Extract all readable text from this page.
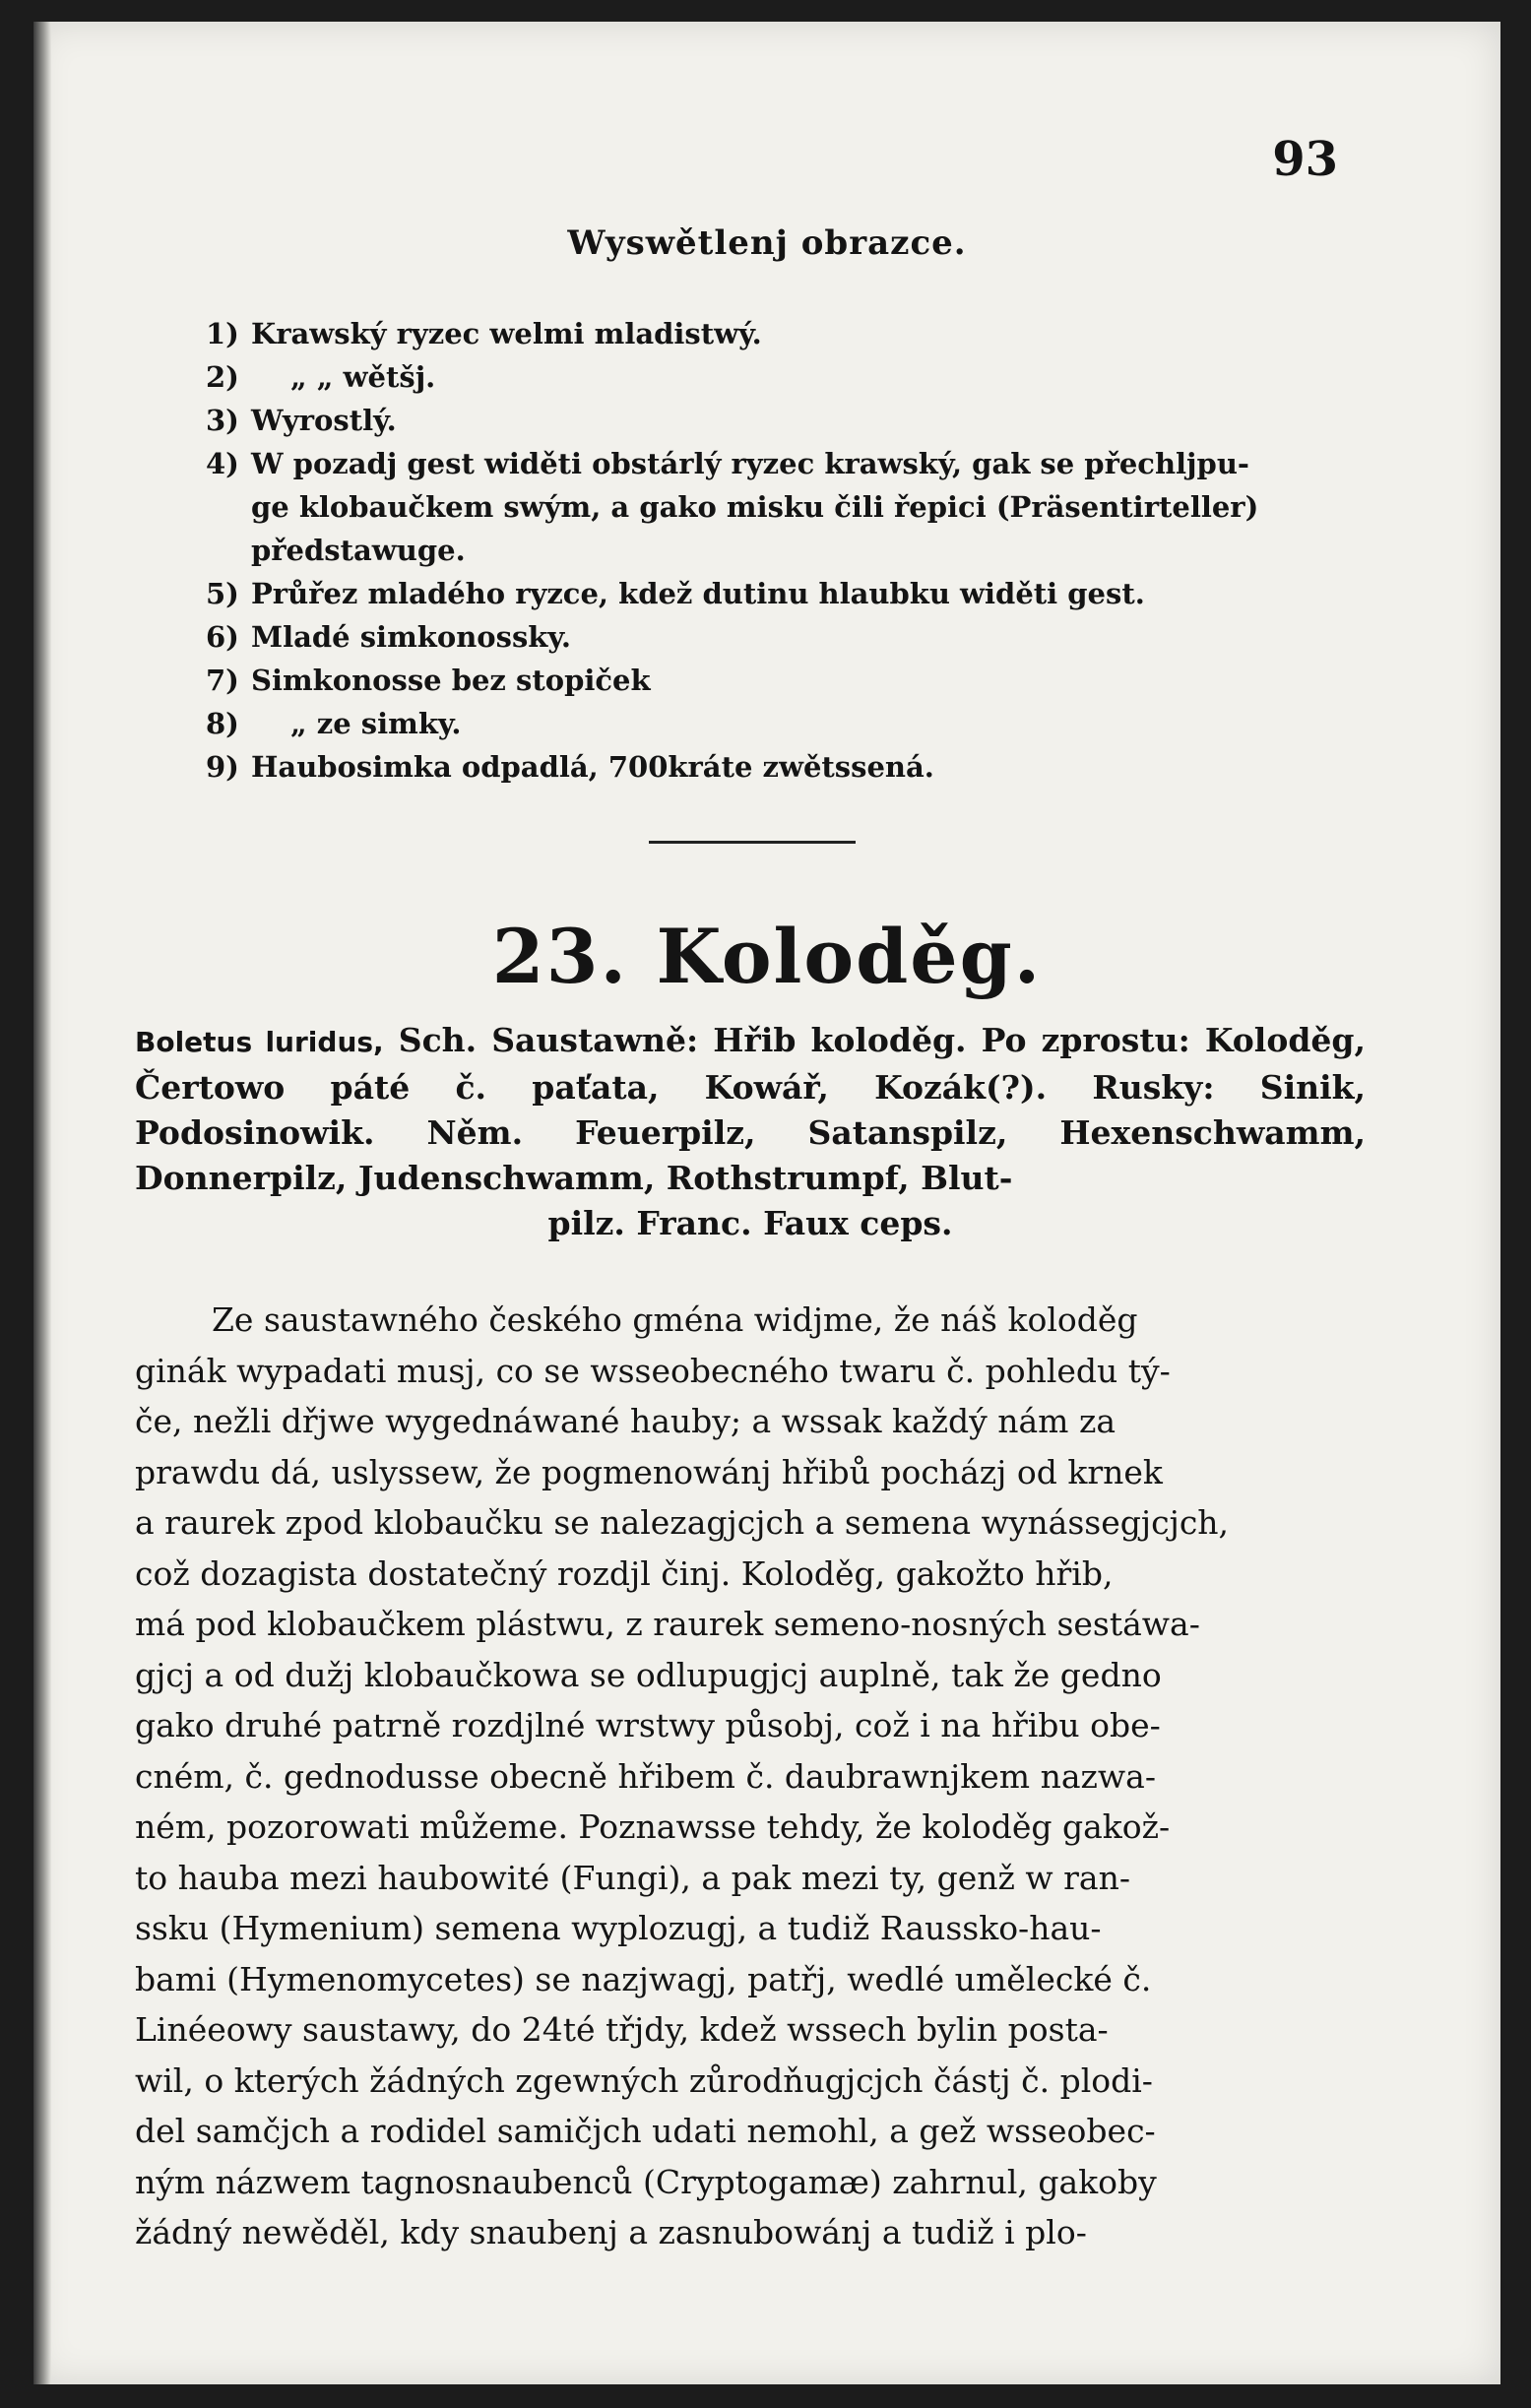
93
Wyswětlenj obrazce.
1) Krawský ryzec welmi mladistwý.
2)	„ „ wětšj.
3) Wyrostlý.
4) W pozadj gest widěti obstárlý ryzec krawský, gak se přechljpu-
ge klobaučkem swým, a gako misku čili řepici (Präsentirteller)
předstawuge.
5) Průřez mladého ryzce, kdež dutinu hlaubku widěti gest.
6) Mladé simkonossky.
7) Simkonosse bez stopiček
8)	„ ze simky.
9) Haubosimka odpadlá, 700kráte zwětssená.
23. Koloděg.
Boletus luridus, Sch. Saustawně: Hřib koloděg. Po zprostu: Koloděg, Čertowo páté č. paťata, Kowář, Kozák(?). Rusky: Sinik, Podosinowik. Něm. Feuerpilz, Satanspilz, Hexenschwamm, Donnerpilz, Judenschwamm, Rothstrumpf, Blut-
pilz. Franc. Faux ceps.
Ze saustawného českého gména widjme, že náš koloděg
ginák wypadati musj, co se wsseobecného twaru č. pohledu tý-
če, nežli dřjwe wygednáwané hauby; a wssak každý nám za
prawdu dá, uslyssew, že pogmenowánj hřibů pocházj od krnek
a raurek zpod klobaučku se nalezagjcjch a semena wynássegjcjch,
což dozagista dostatečný rozdjl činj. Koloděg, gakožto hřib,
má pod klobaučkem plástwu, z raurek semeno-nosných sestáwa-
gjcj a od dužj klobaučkowa se odlupugjcj auplně, tak že gedno
gako druhé patrně rozdjlné wrstwy působj, což i na hřibu obe-
cném, č. gednodusse obecně hřibem č. daubrawnjkem nazwa-
ném, pozorowati můžeme. Poznawsse tehdy, že koloděg gakož-
to hauba mezi haubowité (Fungi), a pak mezi ty, genž w ran-
ssku (Hymenium) semena wyplozugj, a tudiž Raussko-hau-
bami (Hymenomycetes) se nazjwagj, patřj, wedlé umělecké č.
Linéeowy saustawy, do 24té třjdy, kdež wssech bylin posta-
wil, o kterých žádných zgewných zůrodňugjcjch částj č. plodi-
del samčjch a rodidel samičjch udati nemohl, a gež wsseobec-
ným názwem tagnosnaubenců (Cryptogamæ) zahrnul, gakoby
žádný newěděl, kdy snaubenj a zasnubowánj a tudiž i plo-
